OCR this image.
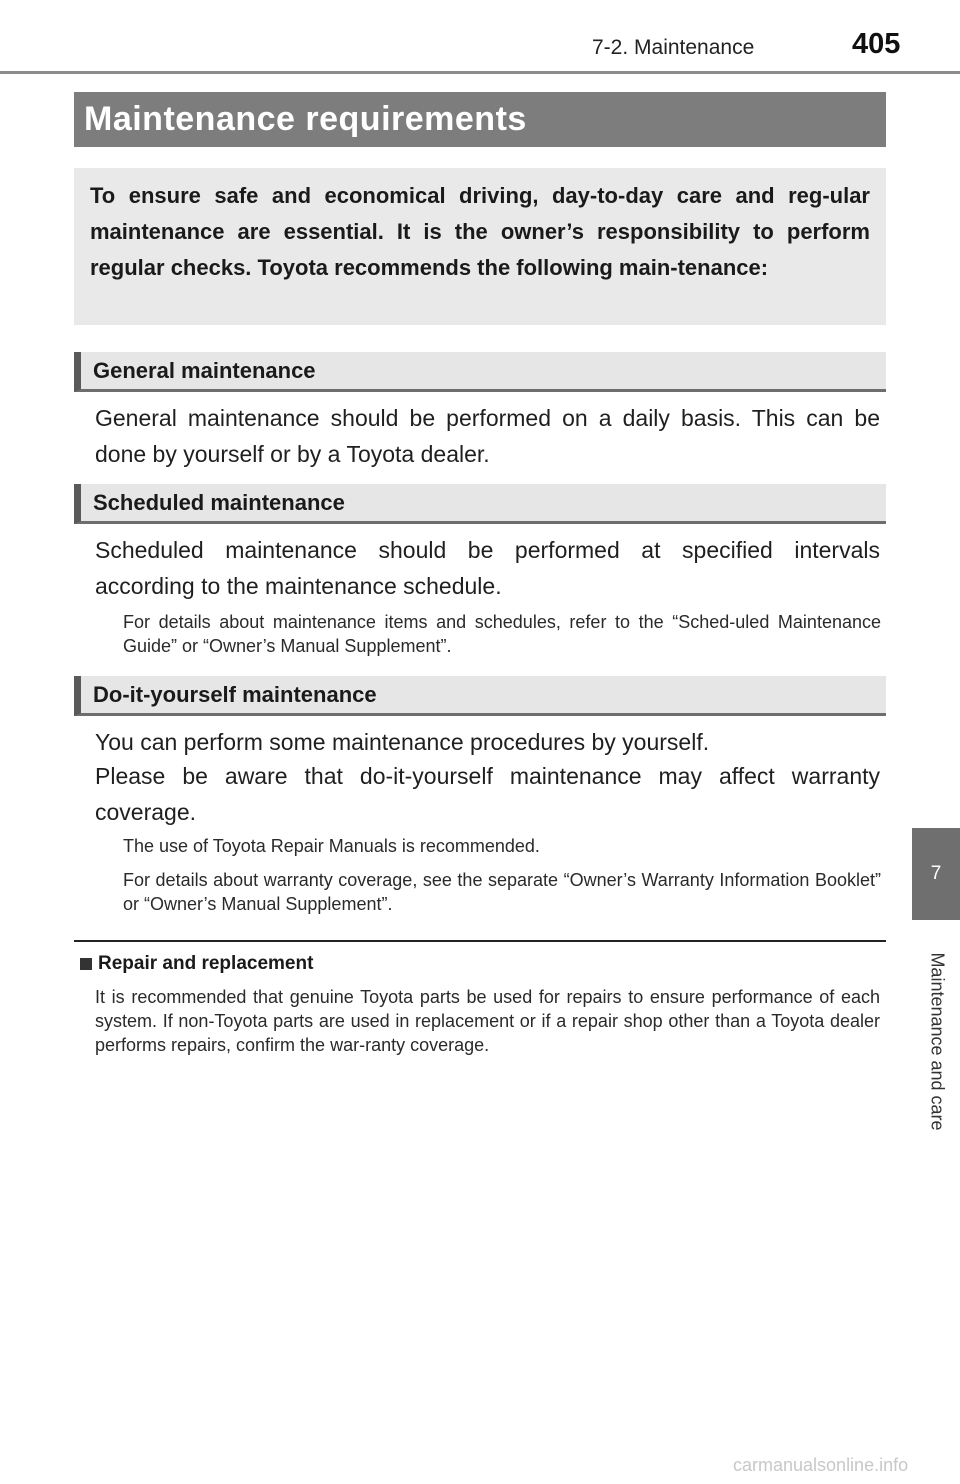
7-2. Maintenance	405
7
Maintenance and care
Maintenance requirements

To ensure safe and economical driving, day-to-day care and reg-ular maintenance are essential. It is the owner’s responsibility to perform regular checks. Toyota recommends the following main-tenance:

General maintenance

General maintenance should be performed on a daily basis. This can be done by yourself or by a Toyota dealer.

Scheduled maintenance

Scheduled maintenance should be performed at specified intervals according to the maintenance schedule.

For details about maintenance items and schedules, refer to the “Sched-uled Maintenance Guide” or “Owner’s Manual Supplement”.

Do-it-yourself maintenance

You can perform some maintenance procedures by yourself.

Please be aware that do-it-yourself maintenance may affect warranty coverage.

The use of Toyota Repair Manuals is recommended.

For details about warranty coverage, see the separate “Owner’s Warranty Information Booklet” or “Owner’s Manual Supplement”.

Repair and replacement

It is recommended that genuine Toyota parts be used for repairs to ensure performance of each system. If non-Toyota parts are used in replacement or if a repair shop other than a Toyota dealer performs repairs, confirm the war-ranty coverage.

carmanualsonline.info
